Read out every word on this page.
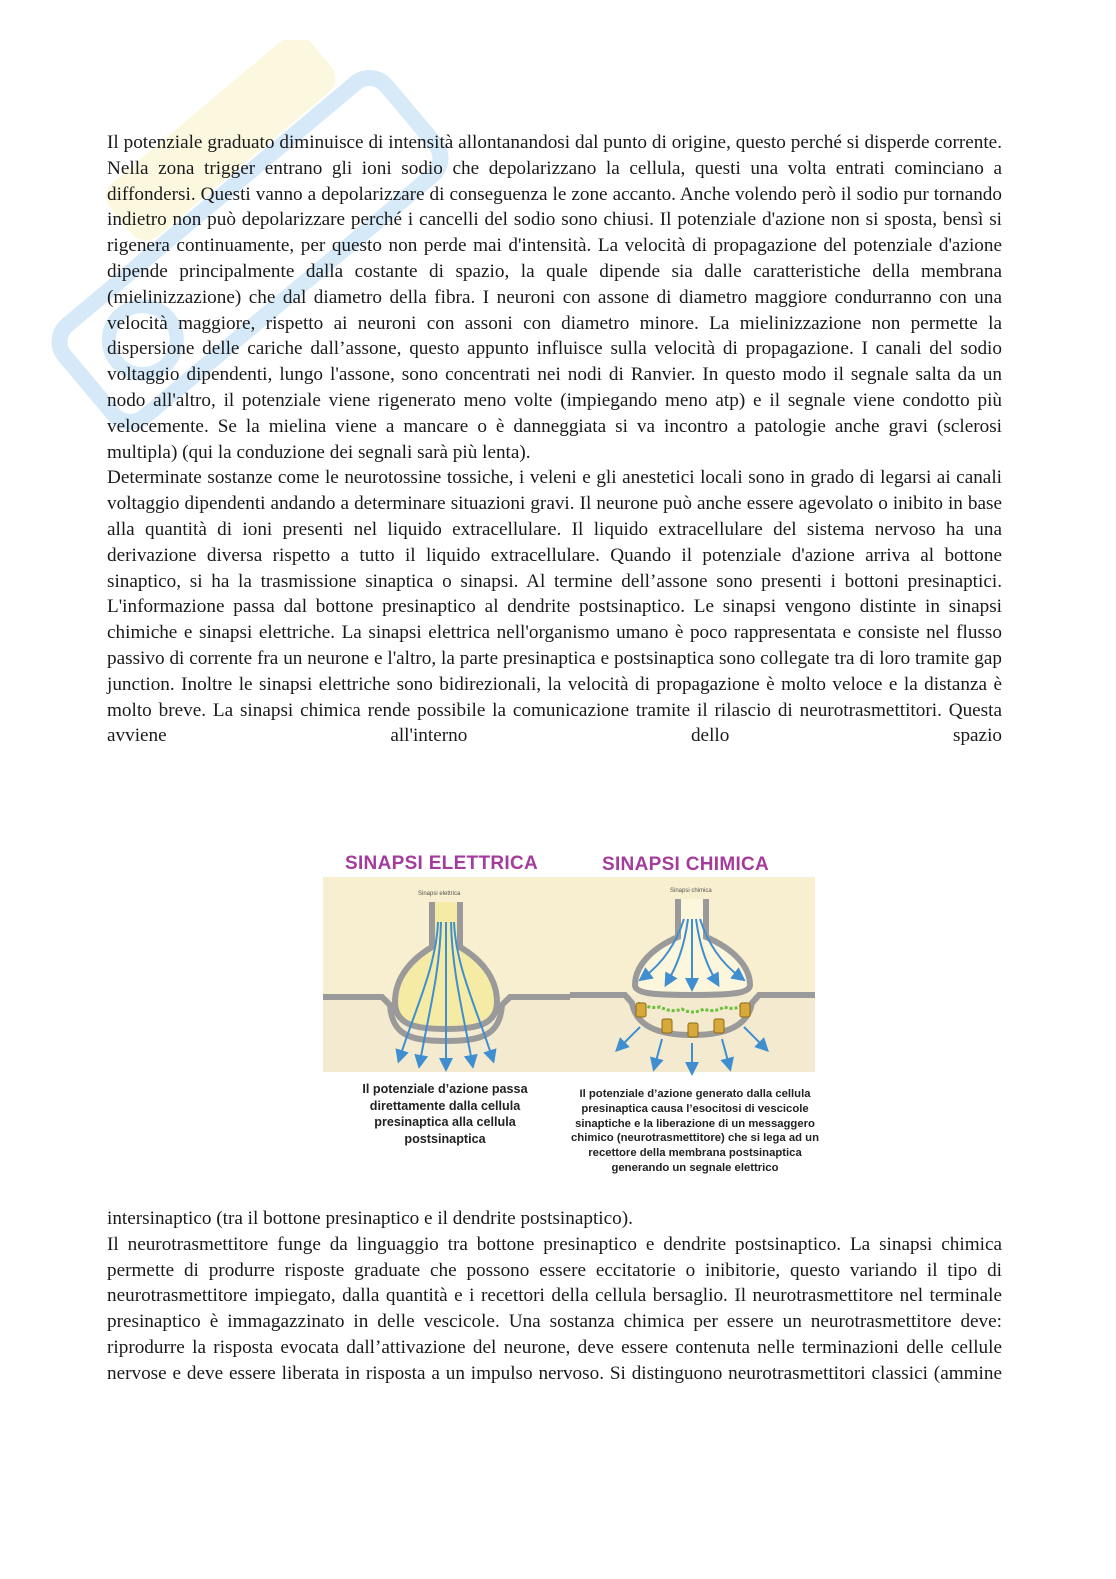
Il potenziale graduato diminuisce di intensità allontanandosi dal punto di origine, questo perché si disperde corrente. Nella zona trigger entrano gli ioni sodio che depolarizzano la cellula, questi una volta entrati cominciano a diffondersi. Questi vanno a depolarizzare di conseguenza le zone accanto. Anche volendo però il sodio pur tornando indietro non può depolarizzare perché i cancelli del sodio sono chiusi. Il potenziale d'azione non si sposta, bensì si rigenera continuamente, per questo non perde mai d'intensità. La velocità di propagazione del potenziale d'azione dipende principalmente dalla costante di spazio, la quale dipende sia dalle caratteristiche della membrana (mielinizzazione) che dal diametro della fibra. I neuroni con assone di diametro maggiore condurranno con una velocità maggiore, rispetto ai neuroni con assoni con diametro minore. La mielinizzazione non permette la dispersione delle cariche dall’assone, questo appunto influisce sulla velocità di propagazione. I canali del sodio voltaggio dipendenti, lungo l'assone, sono concentrati nei nodi di Ranvier. In questo modo il segnale salta da un nodo all'altro, il potenziale viene rigenerato meno volte (impiegando meno atp) e il segnale viene condotto più velocemente. Se la mielina viene a mancare o è danneggiata si va incontro a patologie anche gravi (sclerosi multipla) (qui la conduzione dei segnali sarà più lenta).

Determinate sostanze come le neurotossine tossiche, i veleni e gli anestetici locali sono in grado di legarsi ai canali voltaggio dipendenti andando a determinare situazioni gravi. Il neurone può anche essere agevolato o inibito in base alla quantità di ioni presenti nel liquido extracellulare. Il liquido extracellulare del sistema nervoso ha una derivazione diversa rispetto a tutto il liquido extracellulare. Quando il potenziale d'azione arriva al bottone sinaptico, si ha la trasmissione sinaptica o sinapsi. Al termine dell’assone sono presenti i bottoni presinaptici. L'informazione passa dal bottone presinaptico al dendrite postsinaptico. Le sinapsi vengono distinte in sinapsi chimiche e sinapsi elettriche. La sinapsi elettrica nell'organismo umano è poco rappresentata e consiste nel flusso passivo di corrente fra un neurone e l'altro, la parte presinaptica e postsinaptica sono collegate tra di loro tramite gap junction. Inoltre le sinapsi elettriche sono bidirezionali, la velocità di propagazione è molto veloce e la distanza è molto breve. La sinapsi chimica rende possibile la comunicazione tramite il rilascio di neurotrasmettitori. Questa avviene all'interno dello spazio

SINAPSI ELETTRICA	SINAPSI CHIMICA
Sinapsi elettrica	Sinapsi chimica
Il potenziale d’azione passa direttamente dalla cellula presinaptica alla cellula postsinaptica
Il potenziale d’azione generato dalla cellula presinaptica causa l’esocitosi di vescicole sinaptiche e la liberazione di un messaggero chimico (neurotrasmettitore) che si lega ad un recettore della membrana postsinaptica generando un segnale elettrico

intersinaptico (tra il bottone presinaptico e il dendrite postsinaptico).

Il neurotrasmettitore funge da linguaggio tra bottone presinaptico e dendrite postsinaptico. La sinapsi chimica permette di produrre risposte graduate che possono essere eccitatorie o inibitorie, questo variando il tipo di neurotrasmettitore impiegato, dalla quantità e i recettori della cellula bersaglio. Il neurotrasmettitore nel terminale presinaptico è immagazzinato in delle vescicole. Una sostanza chimica per essere un neurotrasmettitore deve: riprodurre la risposta evocata dall’attivazione del neurone, deve essere contenuta nelle terminazioni delle cellule nervose e deve essere liberata in risposta a un impulso nervoso. Si distinguono neurotrasmettitori classici (ammine
